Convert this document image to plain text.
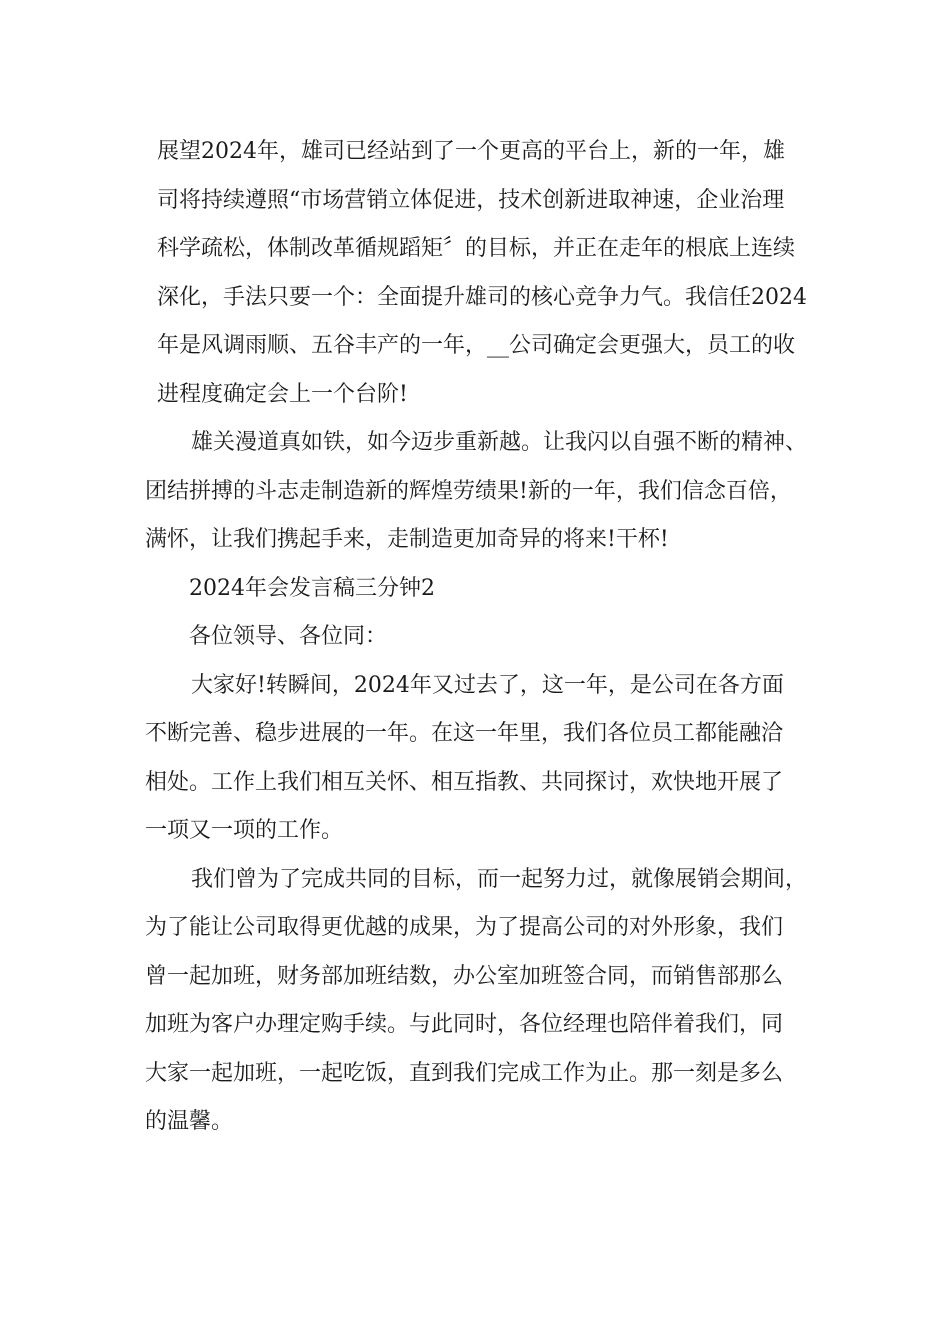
展望2024年，雄司已经站到了一个更高的平台上，新的一年，雄
司将持续遵照“市场营销立体促进，技术创新进取神速，企业治理
科学疏松，体制改革循规蹈矩〞的目标，并正在走年的根底上连续
深化，手法只要一个：全面提升雄司的核心竞争力气。我信任2024
年是风调雨顺、五谷丰产的一年，__公司确定会更强大，员工的收
进程度确定会上一个台阶!
雄关漫道真如铁，如今迈步重新越。让我闪以自强不断的精神、
团结拼搏的斗志走制造新的辉煌劳绩果!新的一年，我们信念百倍，
满怀，让我们携起手来，走制造更加奇异的将来!干杯!
2024年会发言稿三分钟2
各位领导、各位同：
大家好!转瞬间，2024年又过去了，这一年，是公司在各方面
不断完善、稳步进展的一年。在这一年里，我们各位员工都能融洽
相处。工作上我们相互关怀、相互指教、共同探讨，欢快地开展了
一项又一项的工作。
我们曾为了完成共同的目标，而一起努力过，就像展销会期间，
为了能让公司取得更优越的成果，为了提高公司的对外形象，我们
曾一起加班，财务部加班结数，办公室加班签合同，而销售部那么
加班为客户办理定购手续。与此同时，各位经理也陪伴着我们，同
大家一起加班，一起吃饭，直到我们完成工作为止。那一刻是多么
的温馨。
